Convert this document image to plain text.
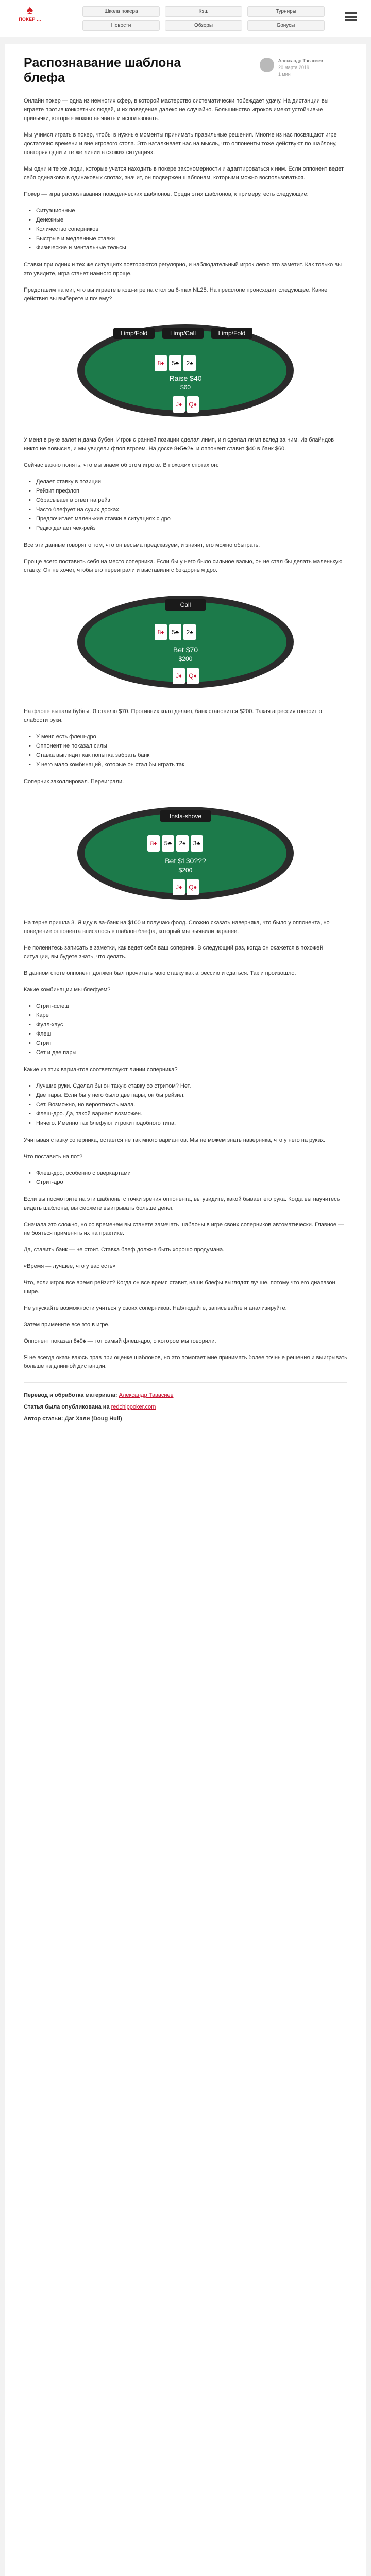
♠
ПОКЕР ...
Школа покера	Кэш	Турниры
Новости	Обзоры	Бонусы
Распознавание шаблона блефа
Александр Тавасиев
20 марта 2019
1 мин

Онлайн покер — одна из немногих сфер, в которой мастерство систематически побеждает удачу. На дистанции вы играете против конкретных людей, и их поведение далеко не случайно. Большинство игроков имеют устойчивые привычки, которые можно выявить и использовать.

Мы учимся играть в покер, чтобы в нужные моменты принимать правильные решения. Многие из нас посвящают игре достаточно времени и вне игрового стола. Это наталкивает нас на мысль, что оппоненты тоже действуют по шаблону, повторяя одни и те же линии в схожих ситуациях.

Мы одни и те же люди, которые учатся находить в покере закономерности и адаптироваться к ним. Если оппонент ведет себя одинаково в одинаковых спотах, значит, он подвержен шаблонам, которыми можно воспользоваться.

Покер — игра распознавания поведенческих шаблонов. Среди этих шаблонов, к примеру, есть следующие:

• Ситуационные
• Денежные
• Количество соперников
• Быстрые и медленные ставки
• Физические и ментальные тельсы

Ставки при одних и тех же ситуациях повторяются регулярно, и наблюдательный игрок легко это заметит. Как только вы это увидите, игра станет намного проще.

Представим на миг, что вы играете в кэш-игре на стол за 6-max NL25. На префлопе происходит следующее. Какие действия вы выберете и почему?

Limp/Fold	Limp/Call	Limp/Fold
8♦ 5♣ 2♠
Raise $40
$60
J♦ Q♦

У меня в руке валет и дама бубен. Игрок с ранней позиции сделал лимп, и я сделал лимп вслед за ним. Из блайндов никто не повысил, и мы увидели флоп втроем. На доске 8♦5♣2♠, и оппонент ставит $40 в банк $60.

Сейчас важно понять, что мы знаем об этом игроке. В похожих спотах он:

• Делает ставку в позиции
• Рейзит префлоп
• Сбрасывает в ответ на рейз
• Часто блефует на сухих досках
• Предпочитает маленькие ставки в ситуациях с дро
• Редко делает чек-рейз

Все эти данные говорят о том, что он весьма предсказуем, и значит, его можно обыграть.

Проще всего поставить себя на место соперника. Если бы у него было сильное вэлью, он не стал бы делать маленькую ставку. Он не хочет, чтобы его переиграли и выставили с бэкдорным дро.

Call
8♦ 5♣ 2♠
Bet $70
$200
J♦ Q♦

На флопе выпали бубны. Я ставлю $70. Противник колл делает, банк становится $200. Такая агрессия говорит о слабости руки.

• У меня есть флеш-дро
• Оппонент не показал силы
• Ставка выглядит как попытка забрать банк
• У него мало комбинаций, которые он стал бы играть так

Соперник заколлировал. Переиграли.

Insta-shove
8♦ 5♣ 2♠ 3♣
Bet $130???
$200
J♦ Q♦

На терне пришла 3. Я иду в ва-банк на $100 и получаю фолд. Сложно сказать наверняка, что было у оппонента, но поведение оппонента вписалось в шаблон блефа, который мы выявили заранее.

Не поленитесь записать в заметки, как ведет себя ваш соперник. В следующий раз, когда он окажется в похожей ситуации, вы будете знать, что делать.

В данном споте оппонент должен был прочитать мою ставку как агрессию и сдаться. Так и произошло.

Какие комбинации мы блефуем?

• Стрит-флеш
• Каре
• Фулл-хаус
• Флеш
• Стрит
• Сет и две пары

Какие из этих вариантов соответствуют линии соперника?

• Лучшие руки. Сделал бы он такую ставку со стритом? Нет.
• Две пары. Если бы у него было две пары, он бы рейзил.
• Сет. Возможно, но вероятность мала.
• Флеш-дро. Да, такой вариант возможен.
• Ничего. Именно так блефуют игроки подобного типа.

Учитывая ставку соперника, остается не так много вариантов. Мы не можем знать наверняка, что у него на руках.

Что поставить на пот?

• Флеш-дро, особенно с оверкартами
• Стрит-дро

Если вы посмотрите на эти шаблоны с точки зрения оппонента, вы увидите, какой бывает его рука. Когда вы научитесь видеть шаблоны, вы сможете выигрывать больше денег.

Сначала это сложно, но со временем вы станете замечать шаблоны в игре своих соперников автоматически. Главное — не бояться применять их на практике.

Да, ставить банк — не стоит. Ставка блеф должна быть хорошо продумана.

«Время — лучшее, что у вас есть»

Что, если игрок все время рейзит? Когда он все время ставит, наши блефы выглядят лучше, потому что его диапазон шире.

Не упускайте возможности учиться у своих соперников. Наблюдайте, записывайте и анализируйте.

Затем примените все это в игре.

Оппонент показал 8♠9♠ — тот самый флеш-дро, о котором мы говорили.

Я не всегда оказываюсь прав при оценке шаблонов, но это помогает мне принимать более точные решения и выигрывать больше на длинной дистанции.

Перевод и обработка материала: Александр Тавасиев

Статья была опубликована на redchippoker.com

Автор статьи: Даг Хали (Doug Hull)
